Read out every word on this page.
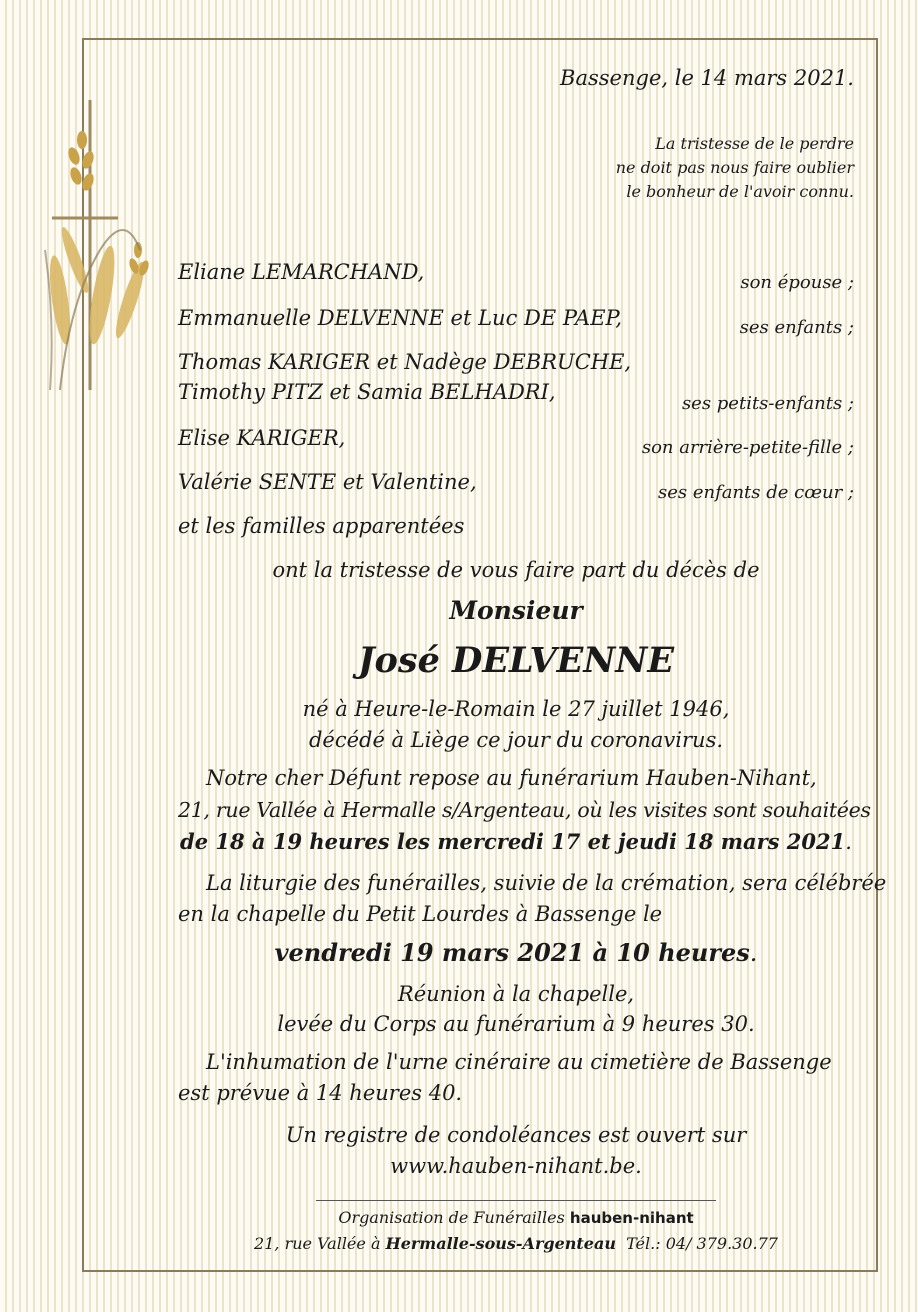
Bassenge, le 14 mars 2021.
La tristesse de le perdre
ne doit pas nous faire oublier
le bonheur de l'avoir connu.
Eliane LEMARCHAND,	son épouse ;
Emmanuelle DELVENNE et Luc DE PAEP,	ses enfants ;
Thomas KARIGER et Nadège DEBRUCHE,
Timothy PITZ et Samia BELHADRI,	ses petits-enfants ;
Elise KARIGER,	son arrière-petite-fille ;
Valérie SENTE et Valentine,	ses enfants de cœur ;
et les familles apparentées
ont la tristesse de vous faire part du décès de
Monsieur
José DELVENNE
né à Heure-le-Romain le 27 juillet 1946,
décédé à Liège ce jour du coronavirus.
Notre cher Défunt repose au funérarium Hauben-Nihant,
21, rue Vallée à Hermalle s/Argenteau, où les visites sont souhaitées
de 18 à 19 heures les mercredi 17 et jeudi 18 mars 2021.
La liturgie des funérailles, suivie de la crémation, sera célébrée
en la chapelle du Petit Lourdes à Bassenge le
vendredi 19 mars 2021 à 10 heures.
Réunion à la chapelle,
levée du Corps au funérarium à 9 heures 30.
L'inhumation de l'urne cinéraire au cimetière de Bassenge
est prévue à 14 heures 40.
Un registre de condoléances est ouvert sur
www.hauben-nihant.be.
Organisation de Funérailles hauben-nihant
21, rue Vallée à Hermalle-sous-Argenteau Tél.: 04/ 379.30.77
